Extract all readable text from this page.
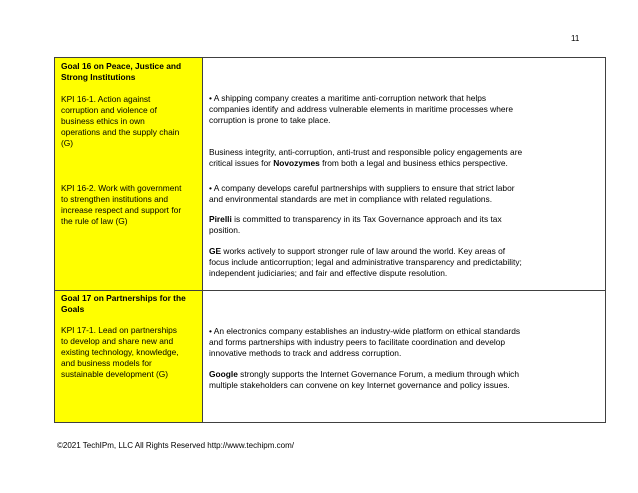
11
Goal 16 on Peace, Justice and
Strong Institutions
KPI 16-1. Action against
corruption and violence of
business ethics in own
operations and the supply chain
(G)
KPI 16-2. Work with government
to strengthen institutions and
increase respect and support for
the rule of law (G)
• A shipping company creates a maritime anti-corruption network that helps
companies identify and address vulnerable elements in maritime processes where
corruption is prone to take place.

Business integrity, anti-corruption, anti-trust and responsible policy engagements are
critical issues for Novozymes from both a legal and business ethics perspective.

• A company develops careful partnerships with suppliers to ensure that strict labor
and environmental standards are met in compliance with related regulations.
Pirelli is committed to transparency in its Tax Governance approach and its tax
position.
GE works actively to support stronger rule of law around the world. Key areas of
focus include anticorruption; legal and administrative transparency and predictability;
independent judiciaries; and fair and effective dispute resolution.
Goal 17 on Partnerships for the
Goals
KPI 17-1. Lead on partnerships
to develop and share new and
existing technology, knowledge,
and business models for
sustainable development (G)
• An electronics company establishes an industry-wide platform on ethical standards
and forms partnerships with industry peers to facilitate coordination and develop
innovative methods to track and address corruption.
Google strongly supports the Internet Governance Forum, a medium through which
multiple stakeholders can convene on key Internet governance and policy issues.
©2021 TechIPm, LLC All Rights Reserved http://www.techipm.com/
